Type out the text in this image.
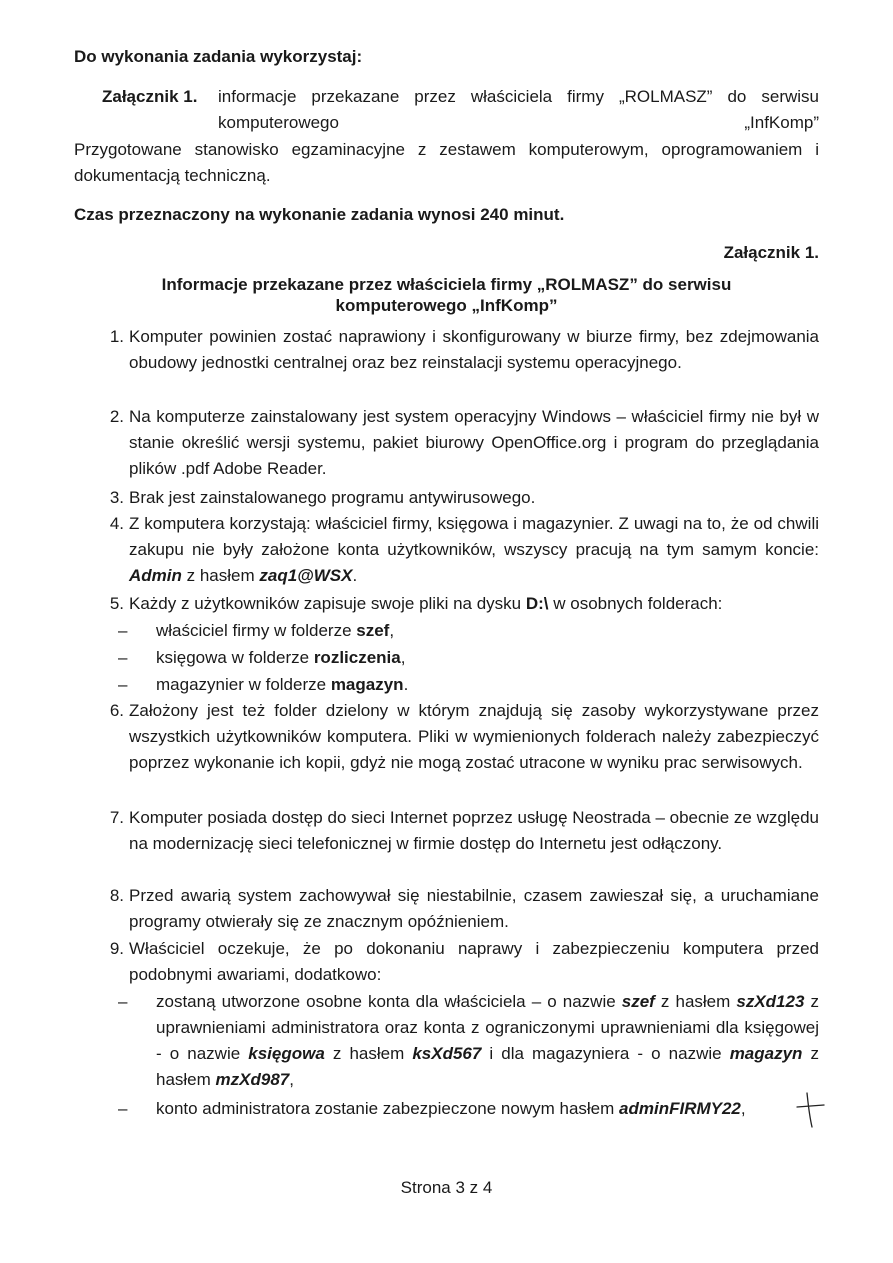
Do wykonania zadania wykorzystaj:

Załącznik 1. informacje przekazane przez właściciela firmy „ROLMASZ” do serwisu komputerowego „InfKomp”

Przygotowane stanowisko egzaminacyjne z zestawem komputerowym, oprogramowaniem i dokumentacją techniczną.

Czas przeznaczony na wykonanie zadania wynosi 240 minut.

Załącznik 1.

Informacje przekazane przez właściciela firmy „ROLMASZ” do serwisu

komputerowego „InfKomp”

1. Komputer powinien zostać naprawiony i skonfigurowany w biurze firmy, bez zdejmowania obudowy jednostki centralnej oraz bez reinstalacji systemu operacyjnego.
2. Na komputerze zainstalowany jest system operacyjny Windows – właściciel firmy nie był w stanie określić wersji systemu, pakiet biurowy OpenOffice.org i program do przeglądania plików .pdf Adobe Reader.
3. Brak jest zainstalowanego programu antywirusowego.
4. Z komputera korzystają: właściciel firmy, księgowa i magazynier. Z uwagi na to, że od chwili zakupu nie były założone konta użytkowników, wszyscy pracują na tym samym koncie: Admin z hasłem zaq1@WSX.
5. Każdy z użytkowników zapisuje swoje pliki na dysku D:\ w osobnych folderach:
– właściciel firmy w folderze szef,
– księgowa w folderze rozliczenia,
– magazynier w folderze magazyn.
6. Założony jest też folder dzielony w którym znajdują się zasoby wykorzystywane przez wszystkich użytkowników komputera. Pliki w wymienionych folderach należy zabezpieczyć poprzez wykonanie ich kopii, gdyż nie mogą zostać utracone w wyniku prac serwisowych.
7. Komputer posiada dostęp do sieci Internet poprzez usługę Neostrada – obecnie ze względu na modernizację sieci telefonicznej w firmie dostęp do Internetu jest odłączony.
8. Przed awarią system zachowywał się niestabilnie, czasem zawieszał się, a uruchamiane programy otwierały się ze znacznym opóźnieniem.
9. Właściciel oczekuje, że po dokonaniu naprawy i zabezpieczeniu komputera przed podobnymi awariami, dodatkowo:
– zostaną utworzone osobne konta dla właściciela – o nazwie szef z hasłem szXd123 z uprawnieniami administratora oraz konta z ograniczonymi uprawnieniami dla księgowej - o nazwie księgowa z hasłem ksXd567 i dla magazyniera - o nazwie magazyn z hasłem mzXd987,
– konto administratora zostanie zabezpieczone nowym hasłem adminFIRMY22,

Strona 3 z 4
